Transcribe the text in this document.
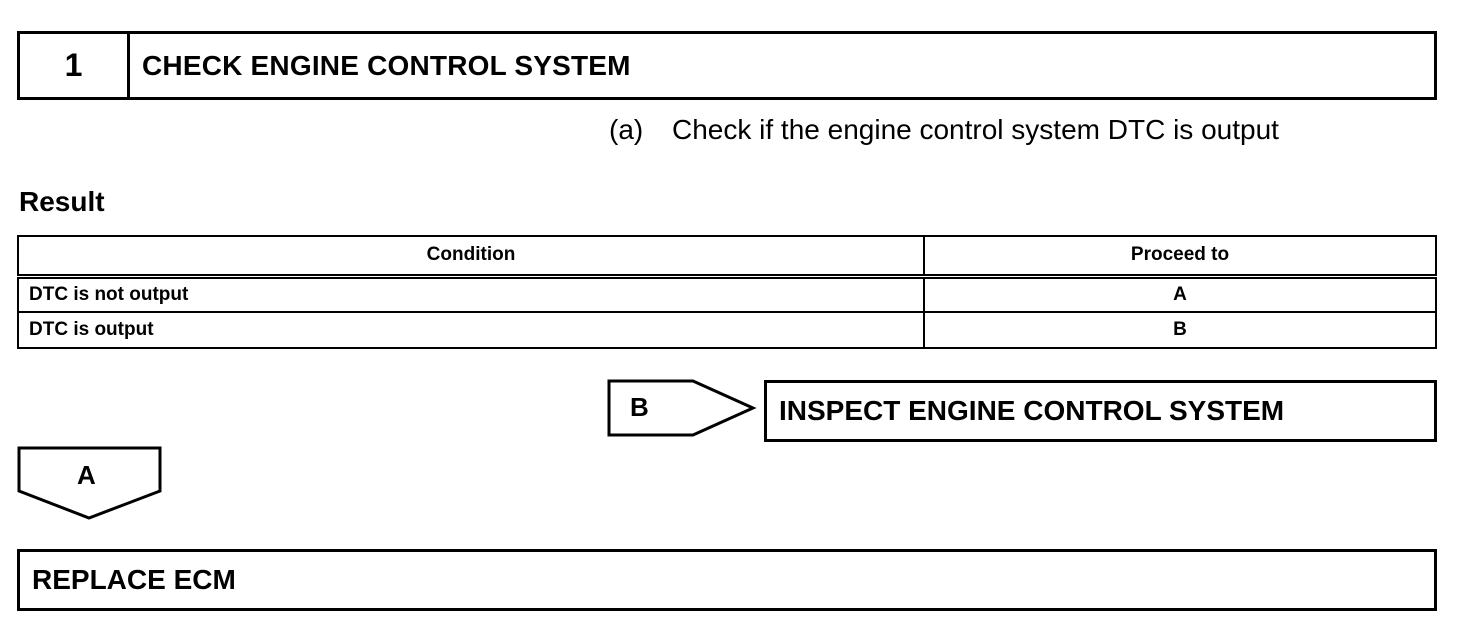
1	CHECK ENGINE CONTROL SYSTEM
(a) Check if the engine control system DTC is output
Result
Condition	Proceed to
DTC is not output	A
DTC is output	B
B	INSPECT ENGINE CONTROL SYSTEM
A
REPLACE ECM
